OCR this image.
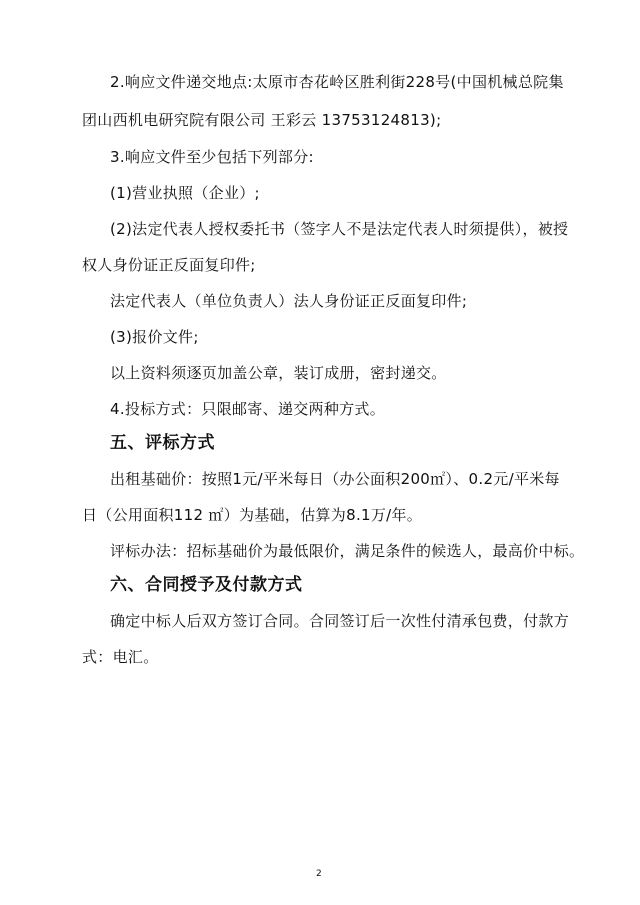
2.响应文件递交地点:太原市杏花岭区胜利街228号(中国机械总院集
团山西机电研究院有限公司 王彩云 13753124813);
3.响应文件至少包括下列部分:
(1)营业执照（企业）;
(2)法定代表人授权委托书（签字人不是法定代表人时须提供），被授
权人身份证正反面复印件;
法定代表人（单位负责人）法人身份证正反面复印件;
(3)报价文件;
以上资料须逐页加盖公章，装订成册，密封递交。
4.投标方式：只限邮寄、递交两种方式。
五、评标方式
出租基础价：按照1元/平米每日（办公面积200㎡）、0.2元/平米每
日（公用面积112 ㎡）为基础，估算为8.1万/年。
评标办法：招标基础价为最低限价，满足条件的候选人，最高价中标。
六、合同授予及付款方式
确定中标人后双方签订合同。合同签订后一次性付清承包费，付款方
式：电汇。
2
